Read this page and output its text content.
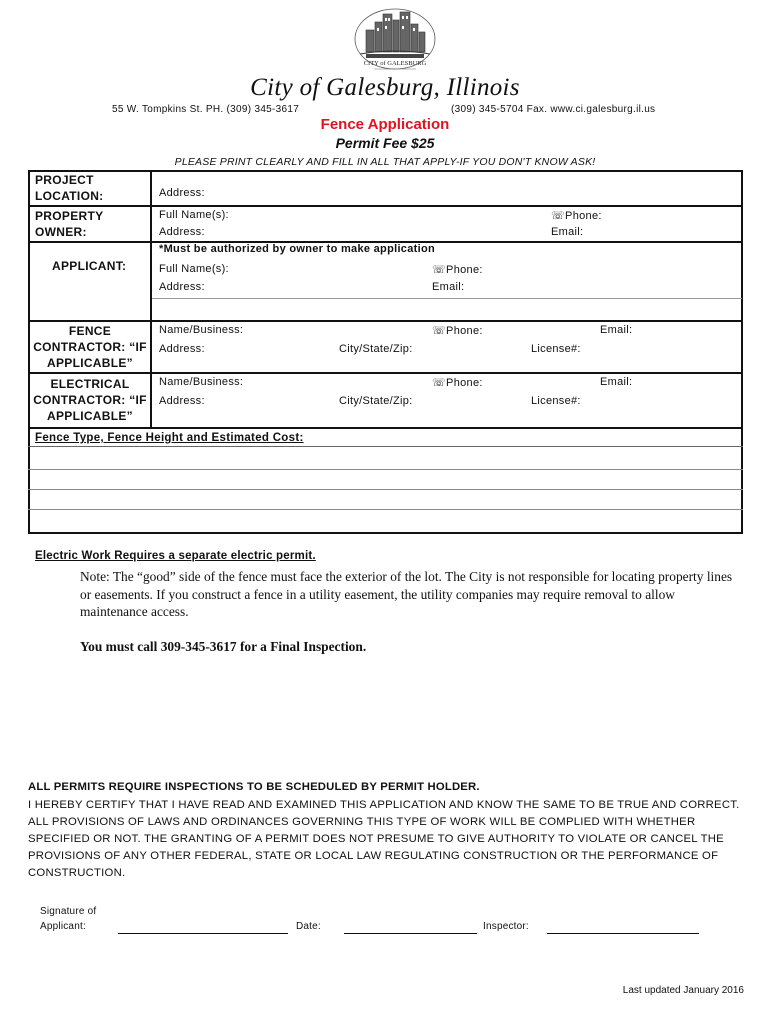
CITY of GALESBURG
City of Galesburg, Illinois
55 W. Tompkins St. PH. (309) 345-3617	(309) 345-5704 Fax. www.ci.galesburg.il.us
Fence Application
Permit Fee $25
PLEASE PRINT CLEARLY AND FILL IN ALL THAT APPLY-IF YOU DON'T KNOW ASK!
PROJECT LOCATION:	Address:
PROPERTY OWNER:
Full Name(s):	☏Phone:
Address:	Email:
*Must be authorized by owner to make application
APPLICANT:	Full Name(s):	☏Phone:
Address:	Email:
FENCE CONTRACTOR: “IF APPLICABLE”
Name/Business:	☏Phone:	Email:
Address:	City/State/Zip:	License#:
ELECTRICAL CONTRACTOR: “IF APPLICABLE”
Name/Business:	☏Phone:	Email:
Address:	City/State/Zip:	License#:
Fence Type, Fence Height and Estimated Cost:
Electric Work Requires a separate electric permit.
Note: The “good” side of the fence must face the exterior of the lot. The City is not responsible for locating property lines or easements. If you construct a fence in a utility easement, the utility companies may require removal to allow maintenance access.
You must call 309-345-3617 for a Final Inspection.
ALL PERMITS REQUIRE INSPECTIONS TO BE SCHEDULED BY PERMIT HOLDER.
I HEREBY CERTIFY THAT I HAVE READ AND EXAMINED THIS APPLICATION AND KNOW THE SAME TO BE TRUE AND CORRECT. ALL PROVISIONS OF LAWS AND ORDINANCES GOVERNING THIS TYPE OF WORK WILL BE COMPLIED WITH WHETHER SPECIFIED OR NOT. THE GRANTING OF A PERMIT DOES NOT PRESUME TO GIVE AUTHORITY TO VIOLATE OR CANCEL THE PROVISIONS OF ANY OTHER FEDERAL, STATE OR LOCAL LAW REGULATING CONSTRUCTION OR THE PERFORMANCE OF CONSTRUCTION.
Signature of
Applicant:	Date:	Inspector:
Last updated January 2016
